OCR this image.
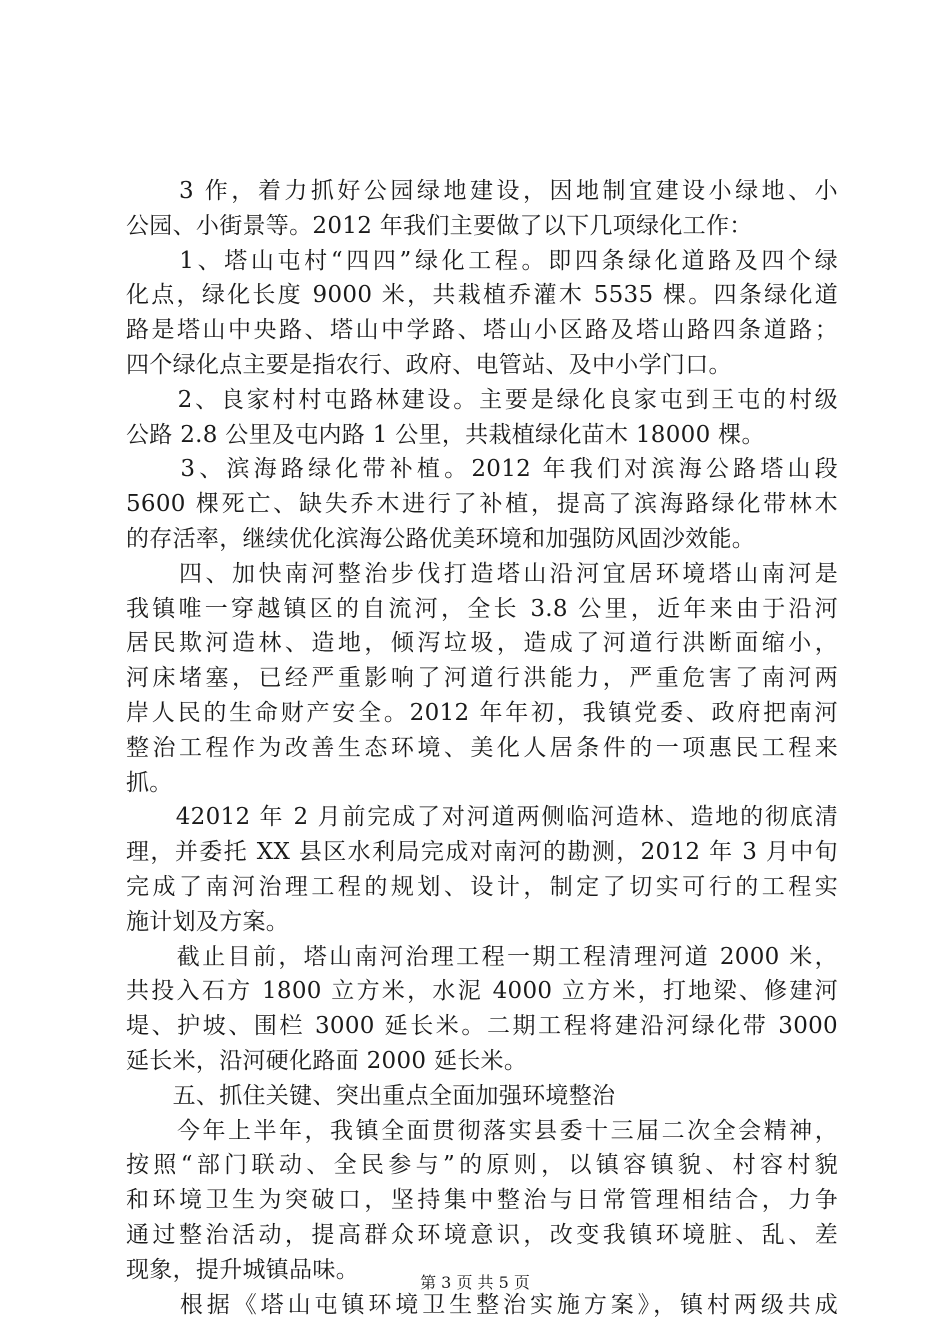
　　3 作，着力抓好公园绿地建设，因地制宜建设小绿地、小
公园、小街景等。2012 年我们主要做了以下几项绿化工作：
　　1、塔山屯村“四四”绿化工程。即四条绿化道路及四个绿
化点，绿化长度 9000 米，共栽植乔灌木 5535 棵。四条绿化道
路是塔山中央路、塔山中学路、塔山小区路及塔山路四条道路；
四个绿化点主要是指农行、政府、电管站、及中小学门口。
　　2、良家村村屯路林建设。主要是绿化良家屯到王屯的村级
公路 2.8 公里及屯内路 1 公里，共栽植绿化苗木 18000 棵。
　　3、滨海路绿化带补植。2012 年我们对滨海公路塔山段
5600 棵死亡、缺失乔木进行了补植，提高了滨海路绿化带林木
的存活率，继续优化滨海公路优美环境和加强防风固沙效能。
　　四、加快南河整治步伐打造塔山沿河宜居环境塔山南河是
我镇唯一穿越镇区的自流河，全长 3.8 公里，近年来由于沿河
居民欺河造林、造地，倾泻垃圾，造成了河道行洪断面缩小，
河床堵塞，已经严重影响了河道行洪能力，严重危害了南河两
岸人民的生命财产安全。2012 年年初，我镇党委、政府把南河
整治工程作为改善生态环境、美化人居条件的一项惠民工程来
抓。
　　42012 年 2 月前完成了对河道两侧临河造林、造地的彻底清
理，并委托 XX 县区水利局完成对南河的勘测，2012 年 3 月中旬
完成了南河治理工程的规划、设计，制定了切实可行的工程实
施计划及方案。
　　截止目前，塔山南河治理工程一期工程清理河道 2000 米，
共投入石方 1800 立方米，水泥 4000 立方米，打地梁、修建河
堤、护坡、围栏 3000 延长米。二期工程将建沿河绿化带 3000
延长米，沿河硬化路面 2000 延长米。
　　五、抓住关键、突出重点全面加强环境整治
　　今年上半年，我镇全面贯彻落实县委十三届二次全会精神，
按照“部门联动、全民参与”的原则，以镇容镇貌、村容村貌
和环境卫生为突破口，坚持集中整治与日常管理相结合，力争
通过整治活动，提高群众环境意识，改变我镇环境脏、乱、差
现象，提升城镇品味。
　　根据《塔山屯镇环境卫生整治实施方案》，镇村两级共成
第 3 页 共 5 页
